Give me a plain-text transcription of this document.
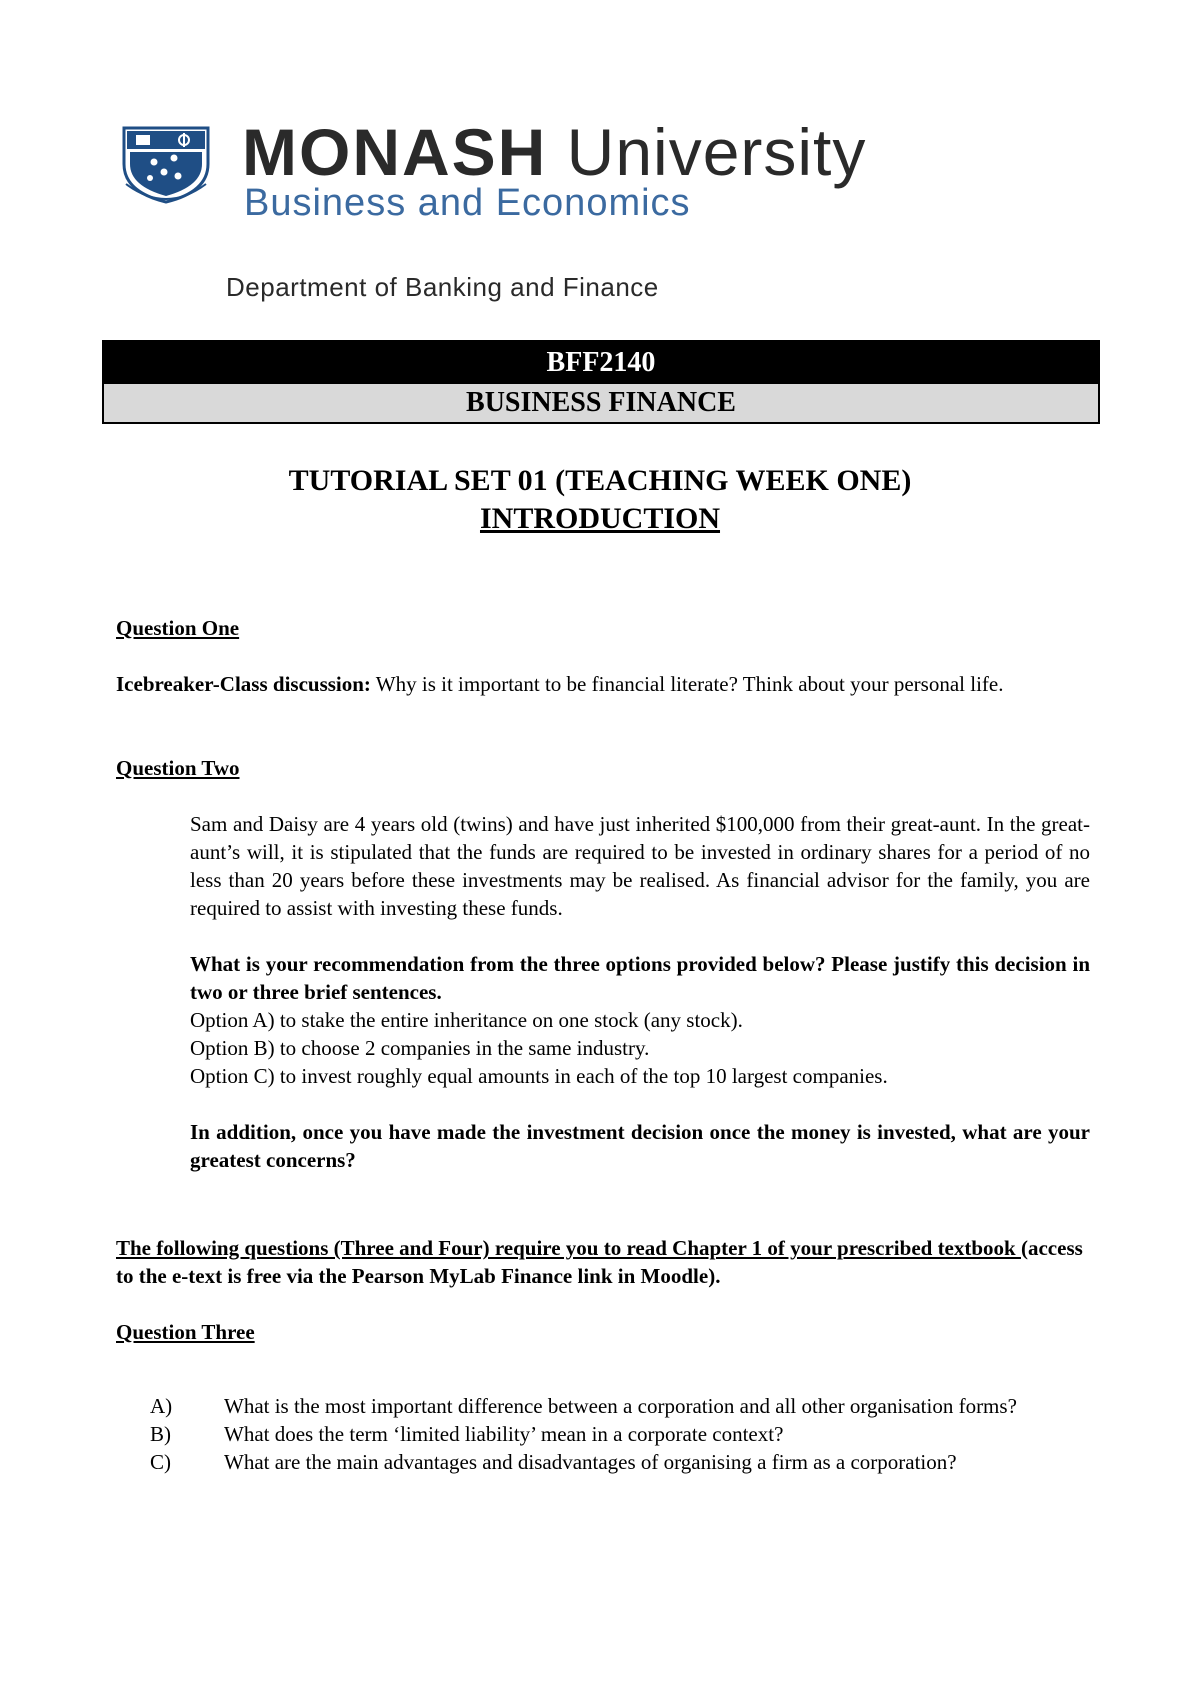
MONASH University
Business and Economics
Department of Banking and Finance
BFF2140
BUSINESS FINANCE
TUTORIAL SET 01 (TEACHING WEEK ONE)
INTRODUCTION
Question One
Icebreaker-Class discussion: Why is it important to be financial literate? Think about your personal life.
Question Two
Sam and Daisy are 4 years old (twins) and have just inherited $100,000 from their great-aunt. In the great-aunt’s will, it is stipulated that the funds are required to be invested in ordinary shares for a period of no less than 20 years before these investments may be realised. As financial advisor for the family, you are required to assist with investing these funds.
What is your recommendation from the three options provided below? Please justify this decision in two or three brief sentences.
Option A) to stake the entire inheritance on one stock (any stock).
Option B) to choose 2 companies in the same industry.
Option C) to invest roughly equal amounts in each of the top 10 largest companies.
In addition, once you have made the investment decision once the money is invested, what are your greatest concerns?
The following questions (Three and Four) require you to read Chapter 1 of your prescribed textbook (access to the e-text is free via the Pearson MyLab Finance link in Moodle).
Question Three
A)	What is the most important difference between a corporation and all other organisation forms?
B)	What does the term ‘limited liability’ mean in a corporate context?
C)	What are the main advantages and disadvantages of organising a firm as a corporation?
